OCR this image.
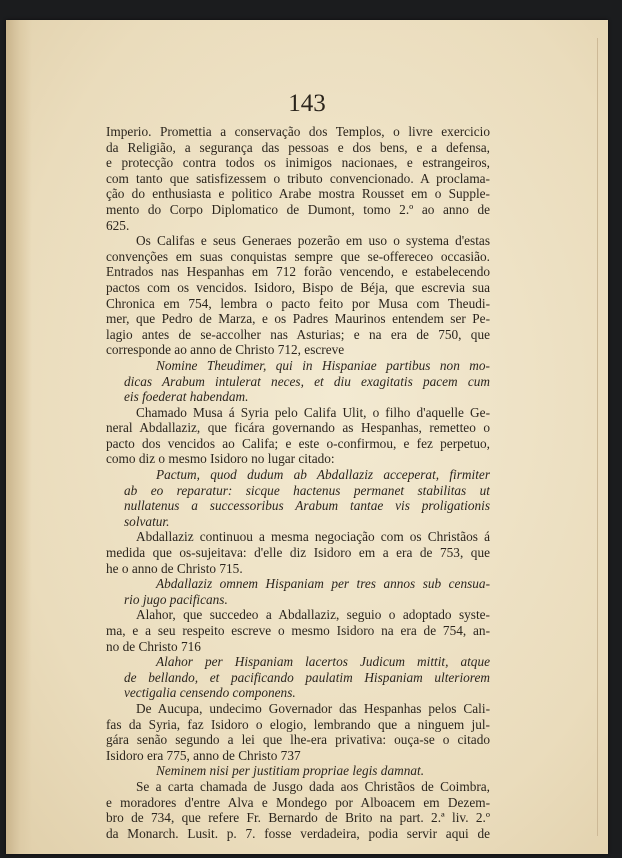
143
Imperio. Promettia a conservação dos Templos, o livre exercicio
da Religião, a segurança das pessoas e dos bens, e a defensa,
e protecção contra todos os inimigos nacionaes, e estrangeiros,
com tanto que satisfizessem o tributo convencionado. A proclama-
ção do enthusiasta e politico Arabe mostra Rousset em o Supple-
mento do Corpo Diplomatico de Dumont, tomo 2.º ao anno de
625.
Os Califas e seus Generaes pozerão em uso o systema d'estas
convenções em suas conquistas sempre que se-offereceo occasião.
Entrados nas Hespanhas em 712 forão vencendo, e estabelecendo
pactos com os vencidos. Isidoro, Bispo de Béja, que escrevia sua
Chronica em 754, lembra o pacto feito por Musa com Theudi-
mer, que Pedro de Marza, e os Padres Maurinos entendem ser Pe-
lagio antes de se-accolher nas Asturias; e na era de 750, que
corresponde ao anno de Christo 712, escreve
Nomine Theudimer, qui in Hispaniae partibus non mo-
dicas Arabum intulerat neces, et diu exagitatis pacem cum
eis foederat habendam.
Chamado Musa á Syria pelo Califa Ulit, o filho d'aquelle Ge-
neral Abdallaziz, que ficára governando as Hespanhas, remetteo o
pacto dos vencidos ao Califa; e este o-confirmou, e fez perpetuo,
como diz o mesmo Isidoro no lugar citado:
Pactum, quod dudum ab Abdallaziz acceperat, firmiter
ab eo reparatur: sicque hactenus permanet stabilitas ut
nullatenus a successoribus Arabum tantae vis proligationis
solvatur.
Abdallaziz continuou a mesma negociação com os Christãos á
medida que os-sujeitava: d'elle diz Isidoro em a era de 753, que
he o anno de Christo 715.
Abdallaziz omnem Hispaniam per tres annos sub censua-
rio jugo pacificans.
Alahor, que succedeo a Abdallaziz, seguio o adoptado syste-
ma, e a seu respeito escreve o mesmo Isidoro na era de 754, an-
no de Christo 716
Alahor per Hispaniam lacertos Judicum mittit, atque
de bellando, et pacificando paulatim Hispaniam ulteriorem
vectigalia censendo componens.
De Aucupa, undecimo Governador das Hespanhas pelos Cali-
fas da Syria, faz Isidoro o elogio, lembrando que a ninguem jul-
gára senão segundo a lei que lhe-era privativa: ouça-se o citado
Isidoro era 775, anno de Christo 737
Neminem nisi per justitiam propriae legis damnat.
Se a carta chamada de Jusgo dada aos Christãos de Coimbra,
e moradores d'entre Alva e Mondego por Alboacem em Dezem-
bro de 734, que refere Fr. Bernardo de Brito na part. 2.ª liv. 2.º
da Monarch. Lusit. p. 7. fosse verdadeira, podia servir aqui de
